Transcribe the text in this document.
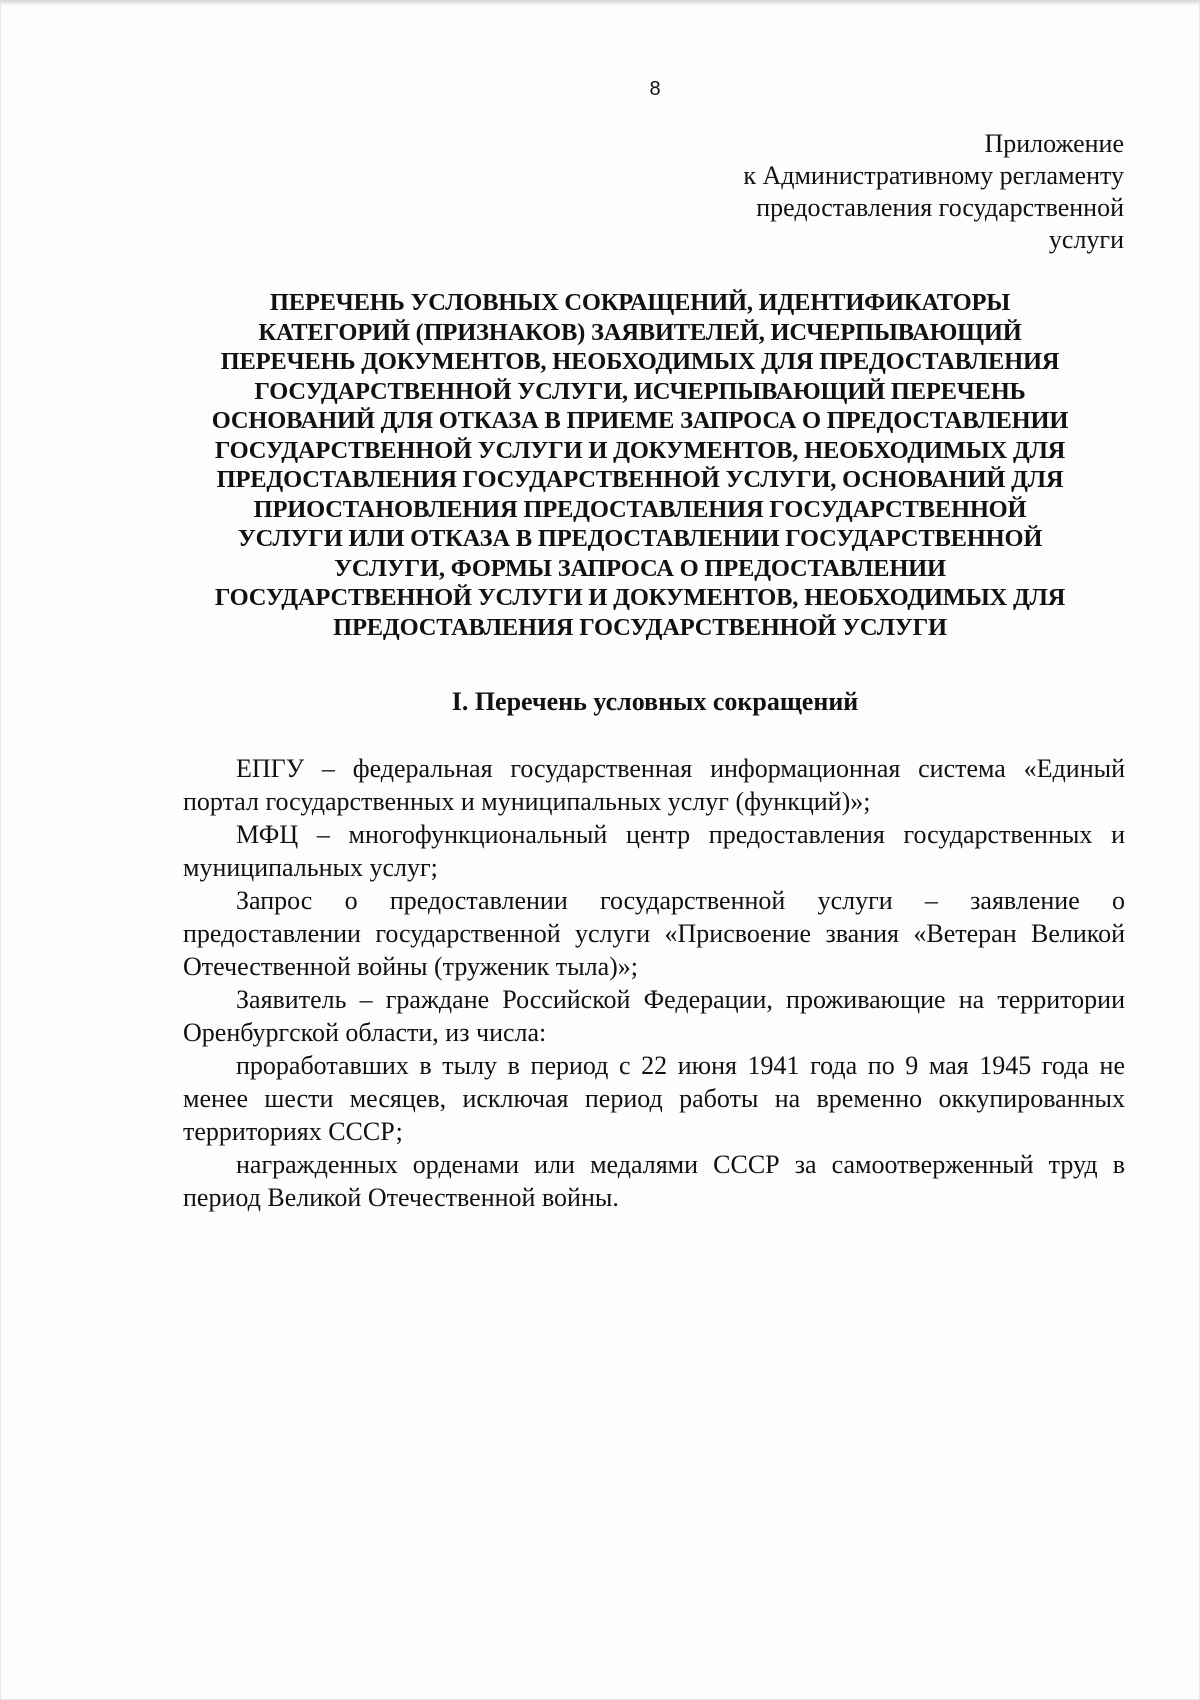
8
Приложение
к Административному регламенту
предоставления государственной
услуги
ПЕРЕЧЕНЬ УСЛОВНЫХ СОКРАЩЕНИЙ, ИДЕНТИФИКАТОРЫ
КАТЕГОРИЙ (ПРИЗНАКОВ) ЗАЯВИТЕЛЕЙ, ИСЧЕРПЫВАЮЩИЙ
ПЕРЕЧЕНЬ ДОКУМЕНТОВ, НЕОБХОДИМЫХ ДЛЯ ПРЕДОСТАВЛЕНИЯ
ГОСУДАРСТВЕННОЙ УСЛУГИ, ИСЧЕРПЫВАЮЩИЙ ПЕРЕЧЕНЬ
ОСНОВАНИЙ ДЛЯ ОТКАЗА В ПРИЕМЕ ЗАПРОСА О ПРЕДОСТАВЛЕНИИ
ГОСУДАРСТВЕННОЙ УСЛУГИ И ДОКУМЕНТОВ, НЕОБХОДИМЫХ ДЛЯ
ПРЕДОСТАВЛЕНИЯ ГОСУДАРСТВЕННОЙ УСЛУГИ, ОСНОВАНИЙ ДЛЯ
ПРИОСТАНОВЛЕНИЯ ПРЕДОСТАВЛЕНИЯ ГОСУДАРСТВЕННОЙ
УСЛУГИ ИЛИ ОТКАЗА В ПРЕДОСТАВЛЕНИИ ГОСУДАРСТВЕННОЙ
УСЛУГИ, ФОРМЫ ЗАПРОСА О ПРЕДОСТАВЛЕНИИ
ГОСУДАРСТВЕННОЙ УСЛУГИ И ДОКУМЕНТОВ, НЕОБХОДИМЫХ ДЛЯ
ПРЕДОСТАВЛЕНИЯ ГОСУДАРСТВЕННОЙ УСЛУГИ
I. Перечень условных сокращений

ЕПГУ – федеральная государственная информационная система «Единый портал государственных и муниципальных услуг (функций)»;

МФЦ – многофункциональный центр предоставления государственных и муниципальных услуг;

Запрос о предоставлении государственной услуги – заявление о предоставлении государственной услуги «Присвоение звания «Ветеран Великой Отечественной войны (труженик тыла)»;

Заявитель – граждане Российской Федерации, проживающие на территории Оренбургской области, из числа:

проработавших в тылу в период с 22 июня 1941 года по 9 мая 1945 года не менее шести месяцев, исключая период работы на временно оккупированных территориях СССР;

награжденных орденами или медалями СССР за самоотверженный труд в период Великой Отечественной войны.
